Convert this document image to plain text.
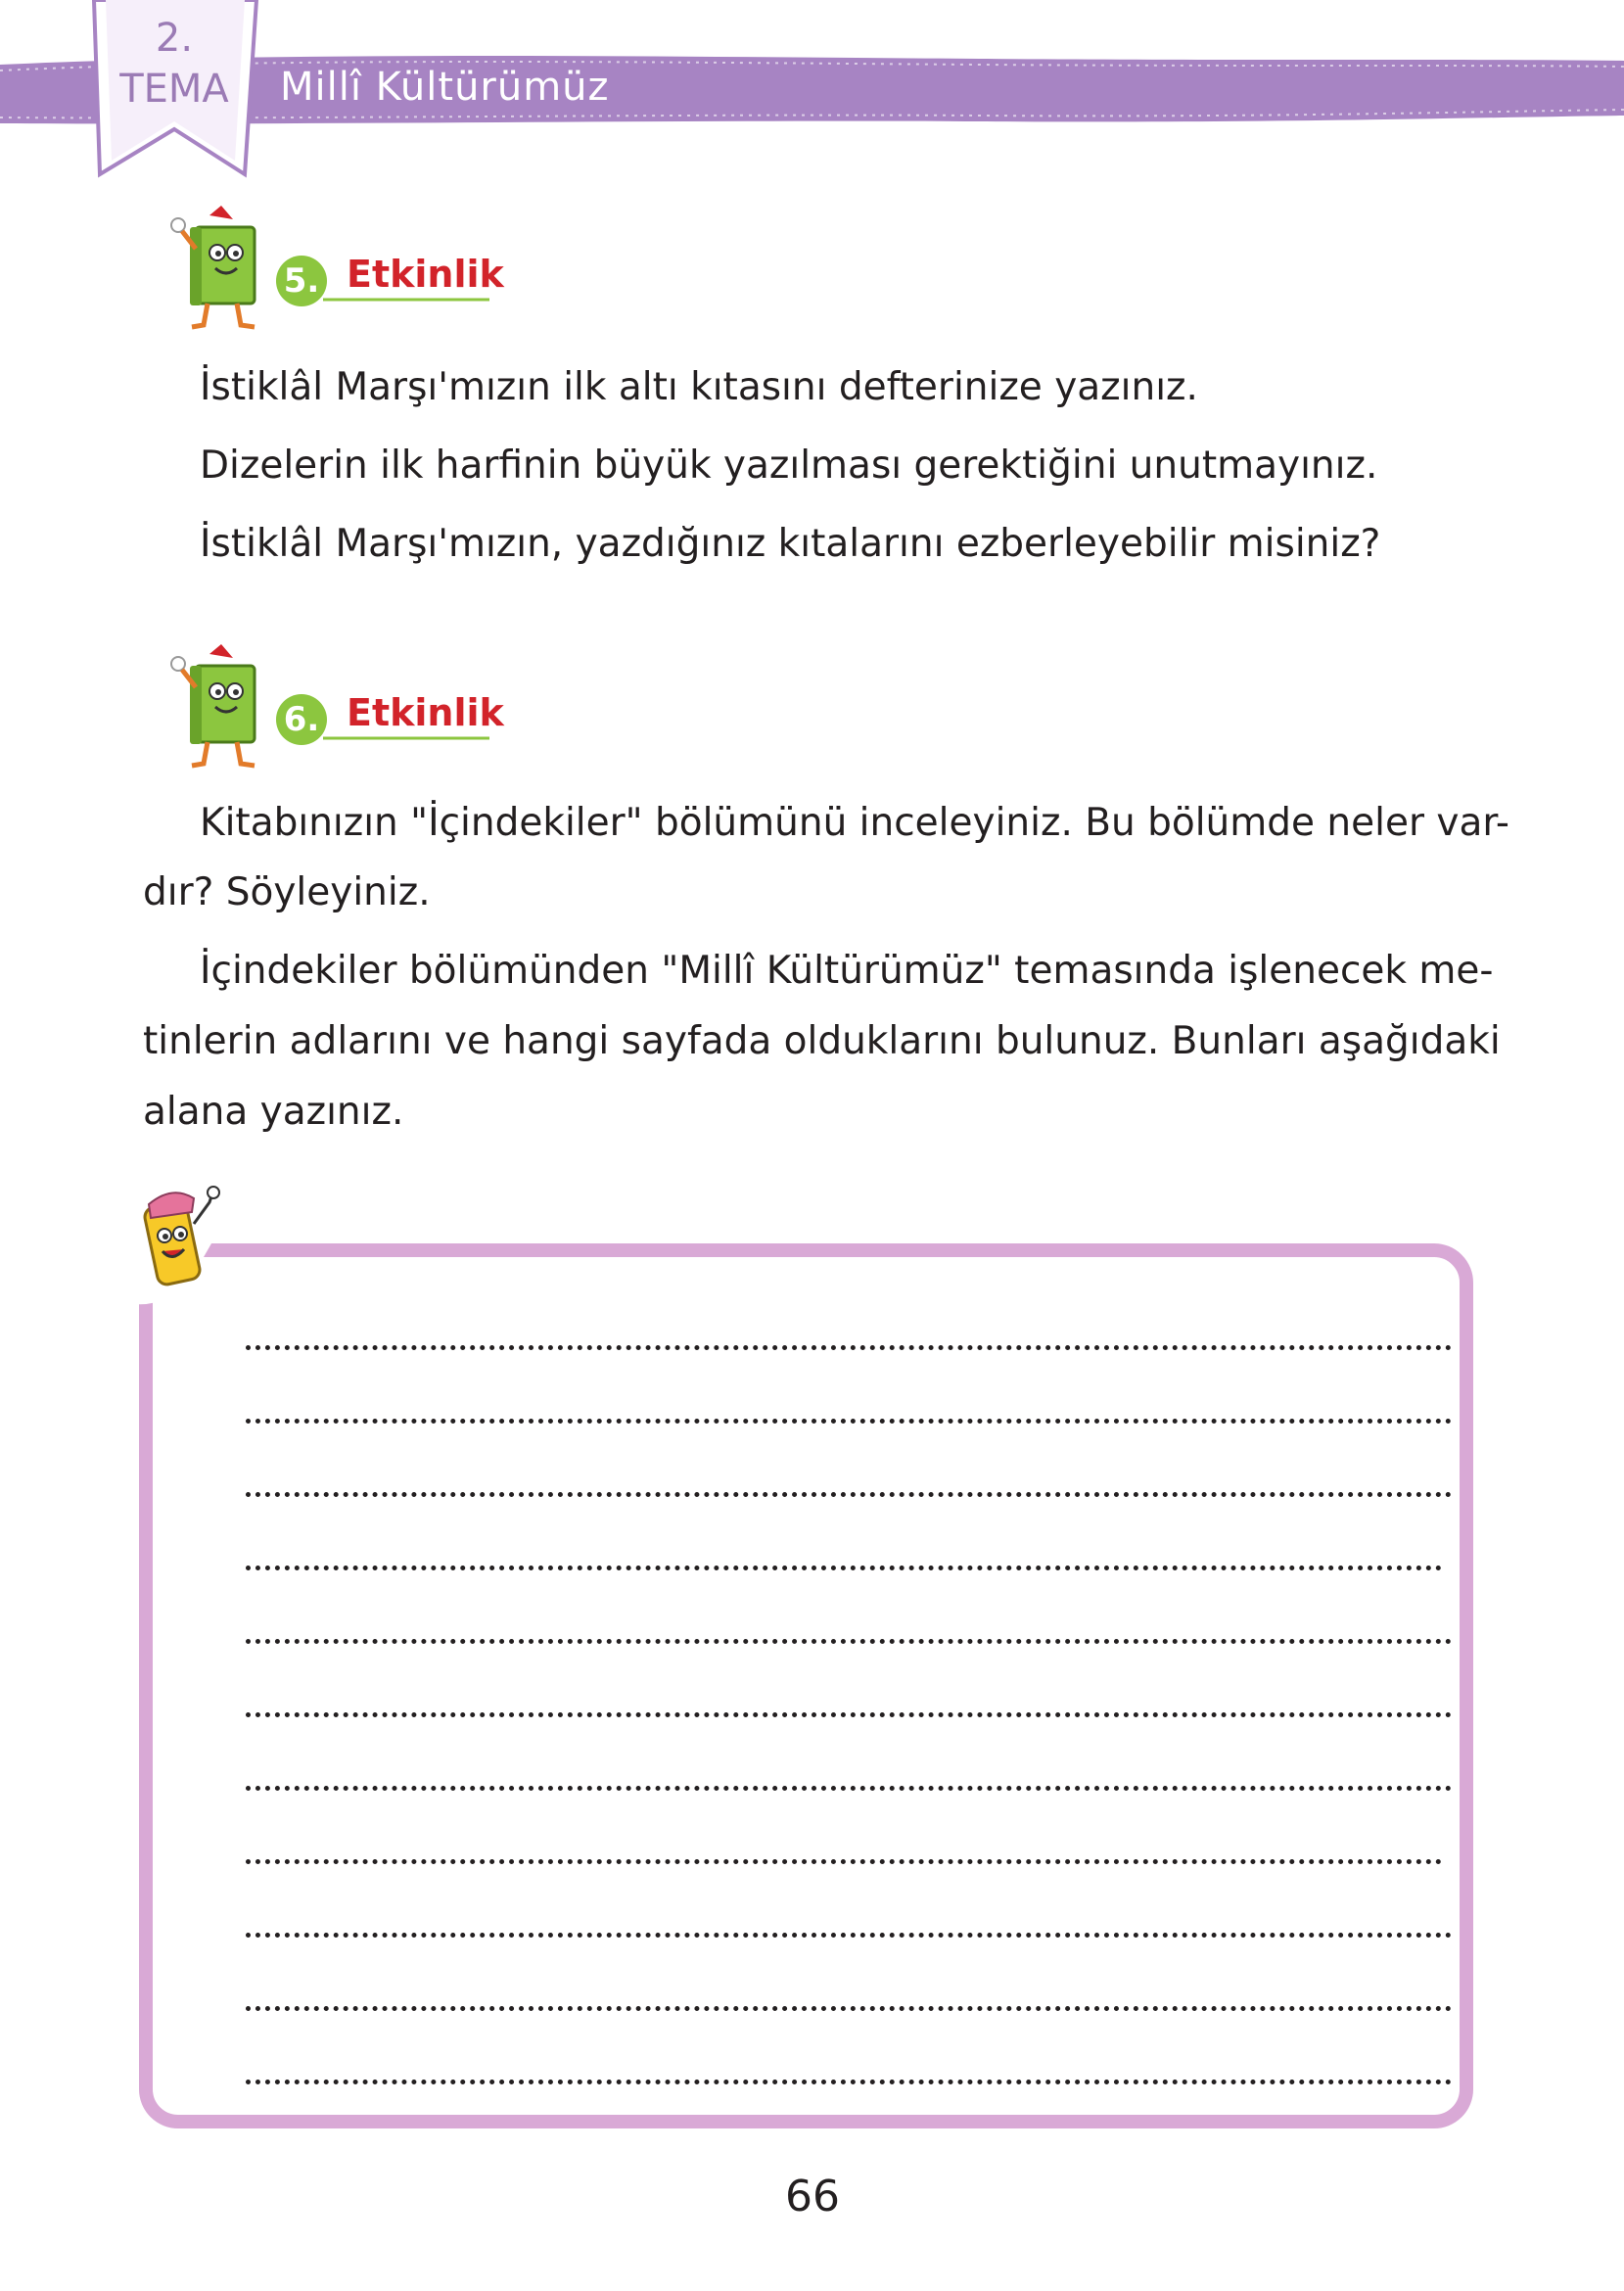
2.
TEMA Millî Kültürümüz
5. Etkinlik
İstiklâl Marşı'mızın ilk altı kıtasını defterinize yazınız.
Dizelerin ilk harfinin büyük yazılması gerektiğini unutmayınız.
İstiklâl Marşı'mızın, yazdığınız kıtalarını ezberleyebilir misiniz?
6. Etkinlik
Kitabınızın "İçindekiler" bölümünü inceleyiniz. Bu bölümde neler var-
dır? Söyleyiniz.
İçindekiler bölümünden "Millî Kültürümüz" temasında işlenecek me-
tinlerin adlarını ve hangi sayfada olduklarını bulunuz. Bunları aşağıdaki
alana yazınız.
66
